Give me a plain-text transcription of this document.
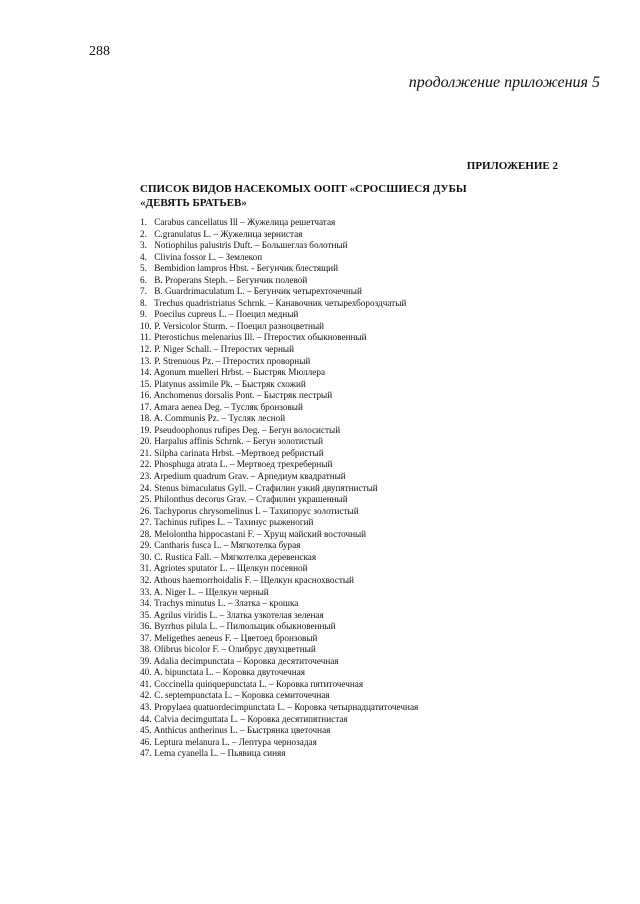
288
продолжение приложения 5
ПРИЛОЖЕНИЕ 2
СПИСОК ВИДОВ НАСЕКОМЫХ ООПТ «СРОСШИЕСЯ ДУБЫ «ДЕВЯТЬ БРАТЬЕВ»
1. Carabus cancellatus Ill – Жужелица решетчатая
2. C.granulatus L. – Жужелица зернистая
3. Notiophilus palustris Duft. – Большеглаз болотный
4. Clivina fossor L. – Землекоп
5. Bembidion lampros Hbst. - Бегунчик блестящий
6. B. Properans Steph. – Бегунчик полевой
7. B. Guardrimaculatum L. – Бегунчик четырехточечный
8. Trechus quadristriatus Schrnk. – Канавочник четырехбороздчатый
9. Poecilus cupreus L. – Поецил медный
10. P. Versicolor Sturm. – Поецил разноцветный
11. Pterostichus melenarius Ill. – Птеростих обыкновенный
12. P. Niger Schall. – Птеростих черный
13. P. Strenuous Pz. – Птеростих проворный
14. Agonum muelleri Hrbst. – Быстряк Мюллера
15. Platynus assimile Pk. – Быстряк схожий
16. Anchomenus dorsalis Pont. – Быстряк пестрый
17. Amara aenea Deg. – Тусляк бронзовый
18. A. Communis Pz. – Тусляк лесной
19. Pseudoophonus rufipes Deg. – Бегун волосистый
20. Harpalus affinis Schrnk. – Бегун золотистый
21. Silpha carinata Hrbst. –Мертвоед ребристый
22. Phosphuga atrata L. – Мертвоед трехреберный
23. Arpedium quadrum Grav. – Арпедиум квадратный
24. Stenus bimaculatus Gyll. – Стафилин узкий двупятнистый
25. Philonthus decorus Grav. – Стафилин украшенный
26. Tachyporus chrysomelinus L – Тахипорус золотистый
27. Tachinus rufipes L. – Тахинус рыженогий
28. Melolontha hippocastani F. – Хрущ майский восточный
29. Cantharis fusca L. – Мягкотелка бурая
30. C. Rustica Fall. – Мягкотелка деревенская
31. Agriotes sputator L. – Щелкун посевной
32. Athous haemorrhoidalis F. – Щелкун краснохвостый
33. A. Niger L. – Щелкун черный
34. Trachys minutus L. – Златка – крошка
35. Agrilus viridis L. – Златка узкотелая зеленая
36. Byrrhus pilula L. – Пилюльщик обыкновенный
37. Meligethes aeneus F. – Цветоед бронзовый
38. Olibrus bicolor F. – Олибрус двухцветный
39. Adalia decimpunctata – Коровка десятиточечная
40. A. bipunctata L. – Коровка двуточечная
41. Coccinella quinquepunctata L. – Коровка пятиточечная
42. C. septempunctata L. – Коровка семиточечная
43. Propylaea quatuordecimpunctata L. – Коровка четырнадцатиточечная
44. Calvia decimguttata L. – Коровка десятипятнистая
45. Anthicus antherinus L. – Быстрянка цветочная
46. Leptura melanura L. – Лептура чернозадая
47. Lema cyanella L. – Пьявица синяя
